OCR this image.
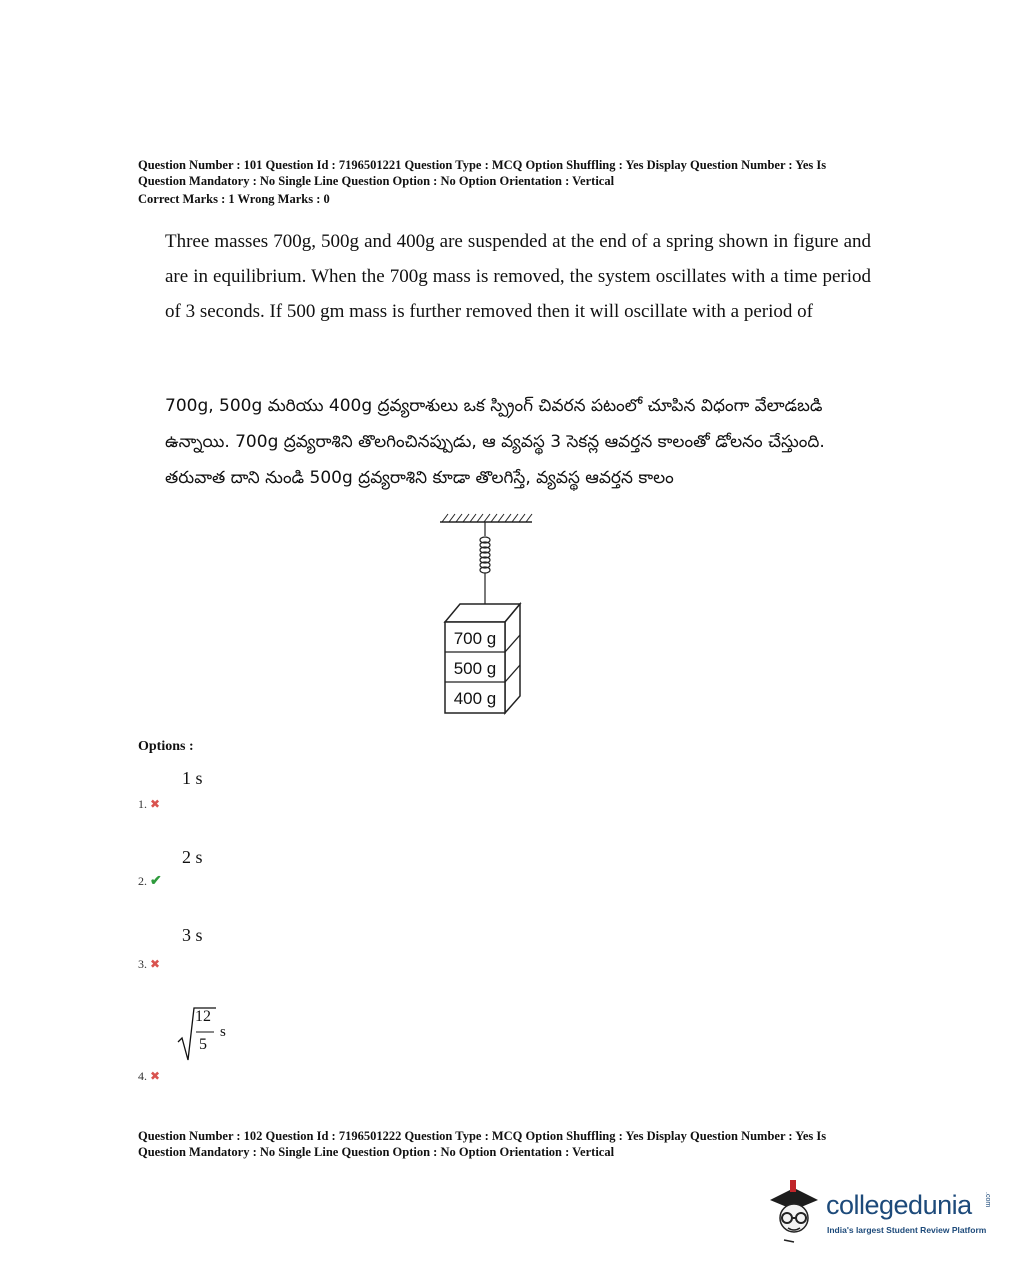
Question Number : 101 Question Id : 7196501221 Question Type : MCQ Option Shuffling : Yes Display Question Number : Yes Is
Question Mandatory : No Single Line Question Option : No Option Orientation : Vertical
Correct Marks : 1 Wrong Marks : 0
Three masses 700g, 500g and 400g are suspended at the end of a spring shown in figure and are in equilibrium. When the 700g mass is removed, the system oscillates with a time period of 3 seconds. If 500 gm mass is further removed then it will oscillate with a period of
700g, 500g మరియు 400g ద్రవ్యరాశులు ఒక స్ప్రింగ్ చివరన పటంలో చూపిన విధంగా వేలాడబడి ఉన్నాయి. 700g ద్రవ్యరాశిని తొలగించినప్పుడు, ఆ వ్యవస్థ 3 సెకన్ల ఆవర్తన కాలంతో డోలనం చేస్తుంది. తరువాత దాని నుండి 500g ద్రవ్యరాశిని కూడా తొలగిస్తే, వ్యవస్థ ఆవర్తన కాలం
700 g
500 g
400 g
Options :
1 s
1. ✖
2 s
2. ✔
3 s
3. ✖
12
5
s
4. ✖
Question Number : 102 Question Id : 7196501222 Question Type : MCQ Option Shuffling : Yes Display Question Number : Yes Is
Question Mandatory : No Single Line Question Option : No Option Orientation : Vertical
collegedunia .com
India's largest Student Review Platform
